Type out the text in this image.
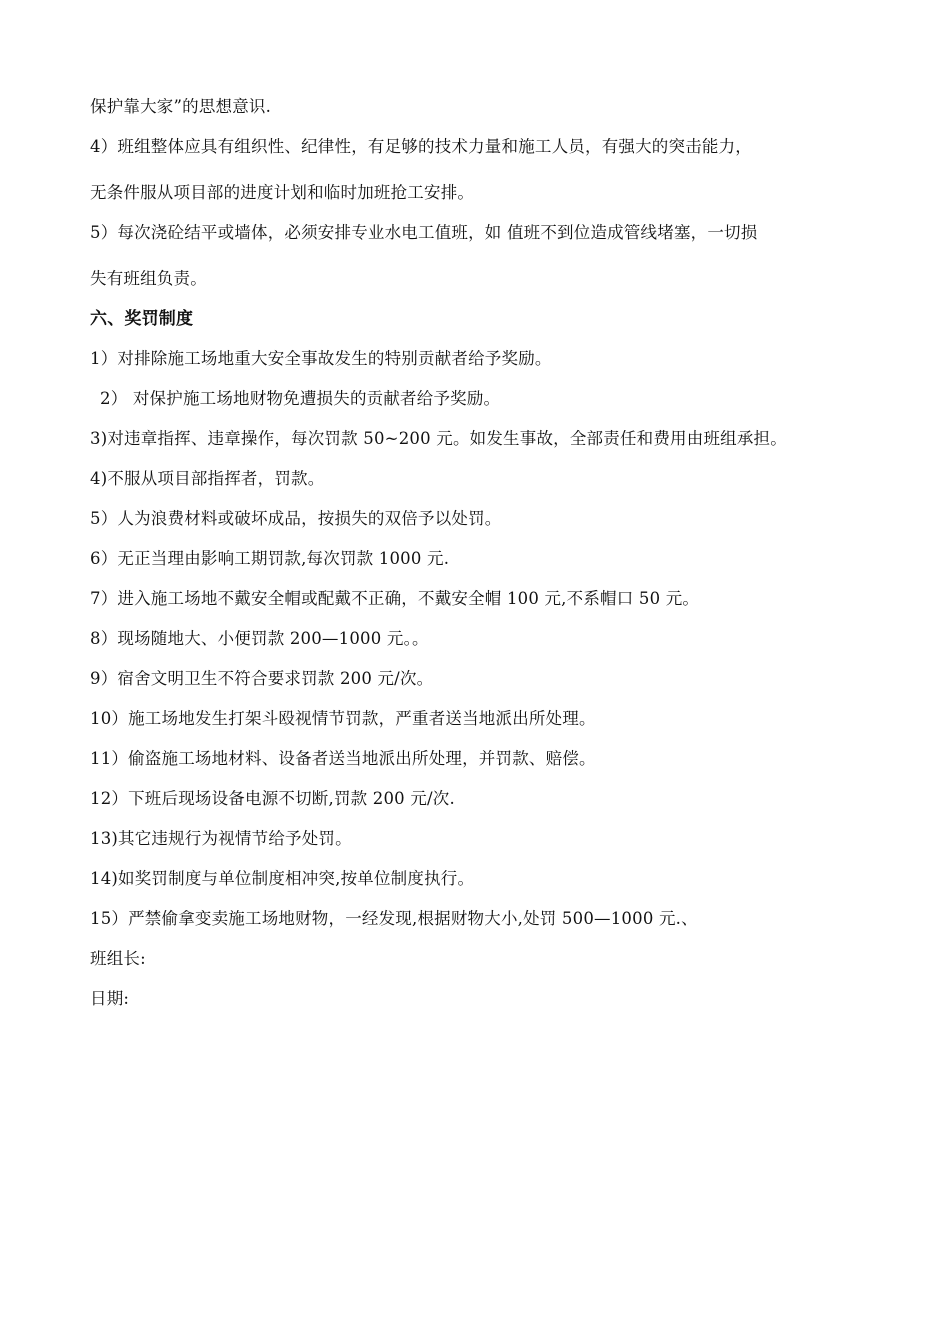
保护靠大家”的思想意识.
4）班组整体应具有组织性、纪律性，有足够的技术力量和施工人员，有强大的突击能力，
无条件服从项目部的进度计划和临时加班抢工安排。
5）每次浇砼结平或墙体，必须安排专业水电工值班，如 值班不到位造成管线堵塞，一切损
失有班组负责。
六、奖罚制度
1）对排除施工场地重大安全事故发生的特别贡献者给予奖励。
2） 对保护施工场地财物免遭损失的贡献者给予奖励。
3)对违章指挥、违章操作，每次罚款 50~200 元。如发生事故，全部责任和费用由班组承担。
4)不服从项目部指挥者，罚款。
5）人为浪费材料或破坏成品，按损失的双倍予以处罚。
6）无正当理由影响工期罚款,每次罚款 1000 元.
7）进入施工场地不戴安全帽或配戴不正确，不戴安全帽 100 元,不系帽口 50 元。
8）现场随地大、小便罚款 200—1000 元。。
9）宿舍文明卫生不符合要求罚款 200 元/次。
10）施工场地发生打架斗殴视情节罚款，严重者送当地派出所处理。
11）偷盗施工场地材料、设备者送当地派出所处理，并罚款、赔偿。
12）下班后现场设备电源不切断,罚款 200 元/次.
13)其它违规行为视情节给予处罚。
14)如奖罚制度与单位制度相冲突,按单位制度执行。
15）严禁偷拿变卖施工场地财物，一经发现,根据财物大小,处罚 500—1000 元.、
班组长:
日期:
